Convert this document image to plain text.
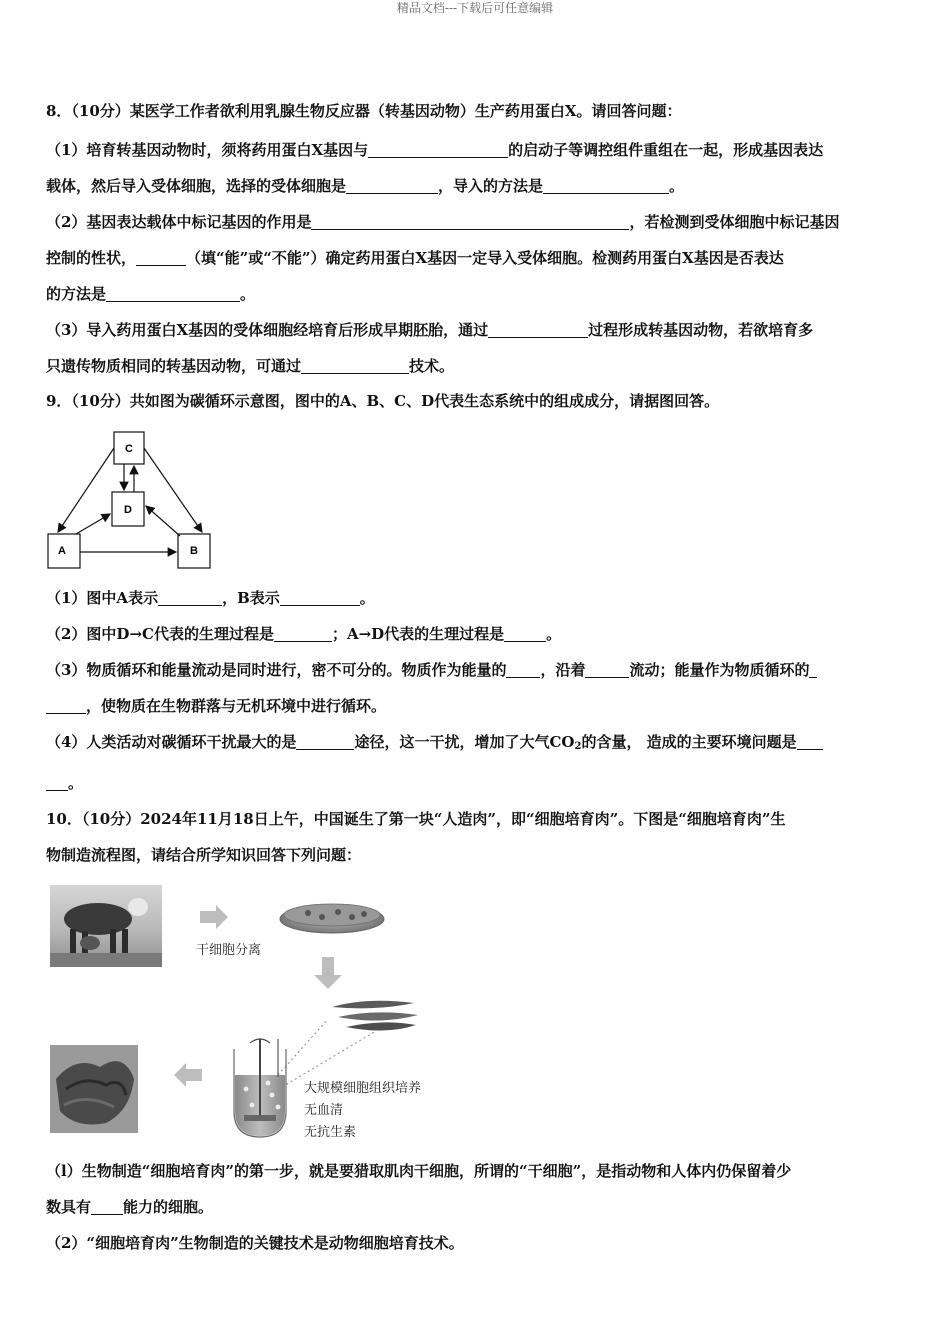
精品文档---下载后可任意编辑
8．（10分）某医学工作者欲利用乳腺生物反应器（转基因动物）生产药用蛋白X。请回答问题：
（1）培育转基因动物时，须将药用蛋白X基因与	的启动子等调控组件重组在一起，形成基因表达
载体，然后导入受体细胞，选择的受体细胞是	，导入的方法是	。
（2）基因表达载体中标记基因的作用是	，若检测到受体细胞中标记基因
控制的性状，	（填“能”或“不能”）确定药用蛋白X基因一定导入受体细胞。检测药用蛋白X基因是否表达
的方法是	。
（3）导入药用蛋白X基因的受体细胞经培育后形成早期胚胎，通过	过程形成转基因动物，若欲培育多
只遗传物质相同的转基因动物，可通过	技术。
9．（10分）共如图为碳循环示意图，图中的A、B、C、D代表生态系统中的组成成分，请据图回答。
C
D
A	B
（1）图中A表示	，B表示	。
（2）图中D→C代表的生理过程是	；A→D代表的生理过程是	。
（3）物质循环和能量流动是同时进行，密不可分的。物质作为能量的 ，沿着	流动；能量作为物质循环的
，使物质在生物群落与无机环境中进行循环。
（4）人类活动对碳循环干扰最大的是	途径，这一干扰，增加了大气$CO_2$的含量， 造成的主要环境问题是
。
10．（10分）2024年11月18日上午，中国诞生了第一块“人造肉”，即“细胞培育肉”。下图是“细胞培育肉”生
物制造流程图，请结合所学知识回答下列问题：
干细胞分离
大规模细胞组织培养
无血清
无抗生素
（l）生物制造“细胞培育肉”的第一步，就是要猎取肌肉干细胞，所谓的“干细胞”，是指动物和人体内仍保留着少
数具有 能力的细胞。
（2）“细胞培育肉”生物制造的关键技术是动物细胞培育技术。
